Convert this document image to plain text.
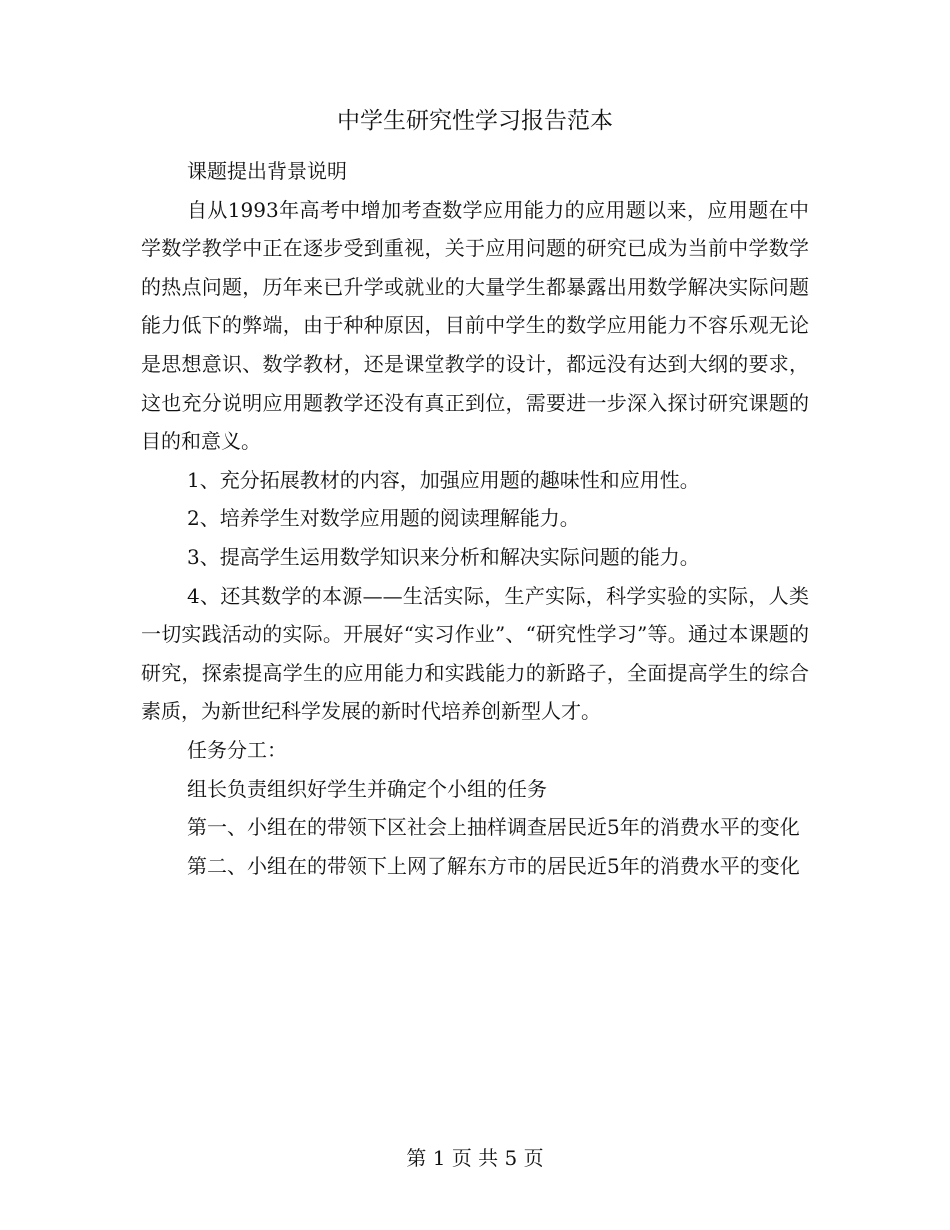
中学生研究性学习报告范本

课题提出背景说明

自从1993年高考中增加考查数学应用能力的应用题以来，应用题在中学数学教学中正在逐步受到重视，关于应用问题的研究已成为当前中学数学的热点问题，历年来已升学或就业的大量学生都暴露出用数学解决实际问题能力低下的弊端，由于种种原因，目前中学生的数学应用能力不容乐观无论是思想意识、数学教材，还是课堂教学的设计，都远没有达到大纲的要求，这也充分说明应用题教学还没有真正到位，需要进一步深入探讨研究课题的目的和意义。

1、充分拓展教材的内容，加强应用题的趣味性和应用性。

2、培养学生对数学应用题的阅读理解能力。

3、提高学生运用数学知识来分析和解决实际问题的能力。

4、还其数学的本源——生活实际，生产实际，科学实验的实际，人类一切实践活动的实际。开展好“实习作业”、“研究性学习”等。通过本课题的研究，探索提高学生的应用能力和实践能力的新路子，全面提高学生的综合素质，为新世纪科学发展的新时代培养创新型人才。

任务分工：

组长负责组织好学生并确定个小组的任务

第一、小组在的带领下区社会上抽样调查居民近5年的消费水平的变化

第二、小组在的带领下上网了解东方市的居民近5年的消费水平的变化

第 1 页 共 5 页
